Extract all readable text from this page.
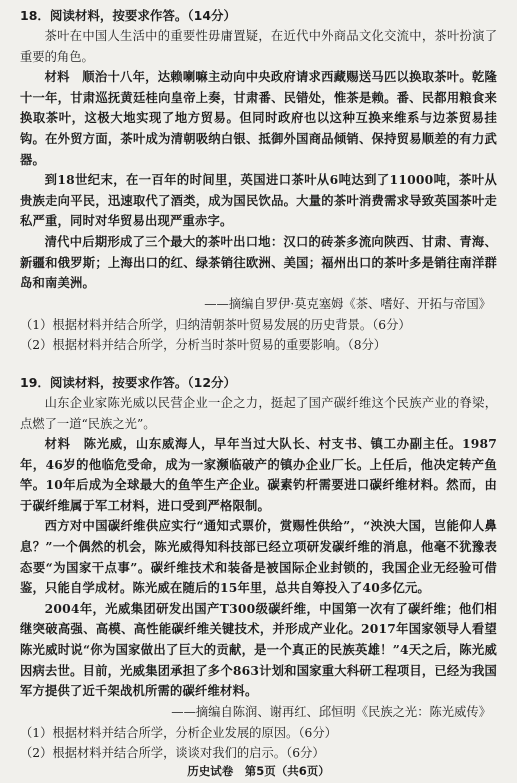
18．阅读材料，按要求作答。（14分）

茶叶在中国人生活中的重要性毋庸置疑，在近代中外商品文化交流中，茶叶扮演了重要的角色。

材料　顺治十八年，达赖喇嘛主动向中央政府请求西藏赐送马匹以换取茶叶。乾隆十一年，甘肃巡抚黄廷桂向皇帝上奏，甘肃番、民错处，惟茶是赖。番、民都用粮食来换取茶叶，这极大地实现了地方贸易。但同时政府也以这种互换来维系与边茶贸易挂钩。在外贸方面，茶叶成为清朝吸纳白银、抵御外国商品倾销、保持贸易顺差的有力武器。

到18世纪末，在一百年的时间里，英国进口茶叶从6吨达到了11000吨，茶叶从贵族走向平民，迅速取代了酒类，成为国民饮品。大量的茶叶消费需求导致英国茶叶走私严重，同时对华贸易出现严重赤字。

清代中后期形成了三个最大的茶叶出口地：汉口的砖茶多流向陕西、甘肃、青海、新疆和俄罗斯；上海出口的红、绿茶销往欧洲、美国；福州出口的茶叶多是销往南洋群岛和南美洲。

——摘编自罗伊·莫克塞姆《茶、嗜好、开拓与帝国》

（1）根据材料并结合所学，归纳清朝茶叶贸易发展的历史背景。（6分）

（2）根据材料并结合所学，分析当时茶叶贸易的重要影响。（8分）

19．阅读材料，按要求作答。（12分）

山东企业家陈光威以民营企业一企之力，挺起了国产碳纤维这个民族产业的脊梁，点燃了一道“民族之光”。

材料　陈光威，山东威海人，早年当过大队长、村支书、镇工办副主任。1987年，46岁的他临危受命，成为一家濒临破产的镇办企业厂长。上任后，他决定转产鱼竿。10年后成为全球最大的鱼竿生产企业。碳素钓杆需要进口碳纤维材料。然而，由于碳纤维属于军工材料，进口受到严格限制。

西方对中国碳纤维供应实行“通知式票价，赏赐性供给”，“泱泱大国，岂能仰人鼻息？”一个偶然的机会，陈光威得知科技部已经立项研发碳纤维的消息，他毫不犹豫表态要“为国家干点事”。碳纤维技术和装备是被国际企业封锁的，我国企业无经验可借鉴，只能自学成材。陈光威在随后的15年里，总共自筹投入了40多亿元。

2004年，光威集团研发出国产T300级碳纤维，中国第一次有了碳纤维；他们相继突破高强、高模、高性能碳纤维关键技术，并形成产业化。2017年国家领导人看望陈光威时说“你为国家做出了巨大的贡献，是一个真正的民族英雄！”4天之后，陈光威因病去世。目前，光威集团承担了多个863计划和国家重大科研工程项目，已经为我国军方提供了近千架战机所需的碳纤维材料。

——摘编自陈润、谢再红、邱恒明《民族之光：陈光威传》

（1）根据材料并结合所学，分析企业发展的原因。（6分）

（2）根据材料并结合所学，谈谈对我们的启示。（6分）

历史试卷　第5页（共6页）
